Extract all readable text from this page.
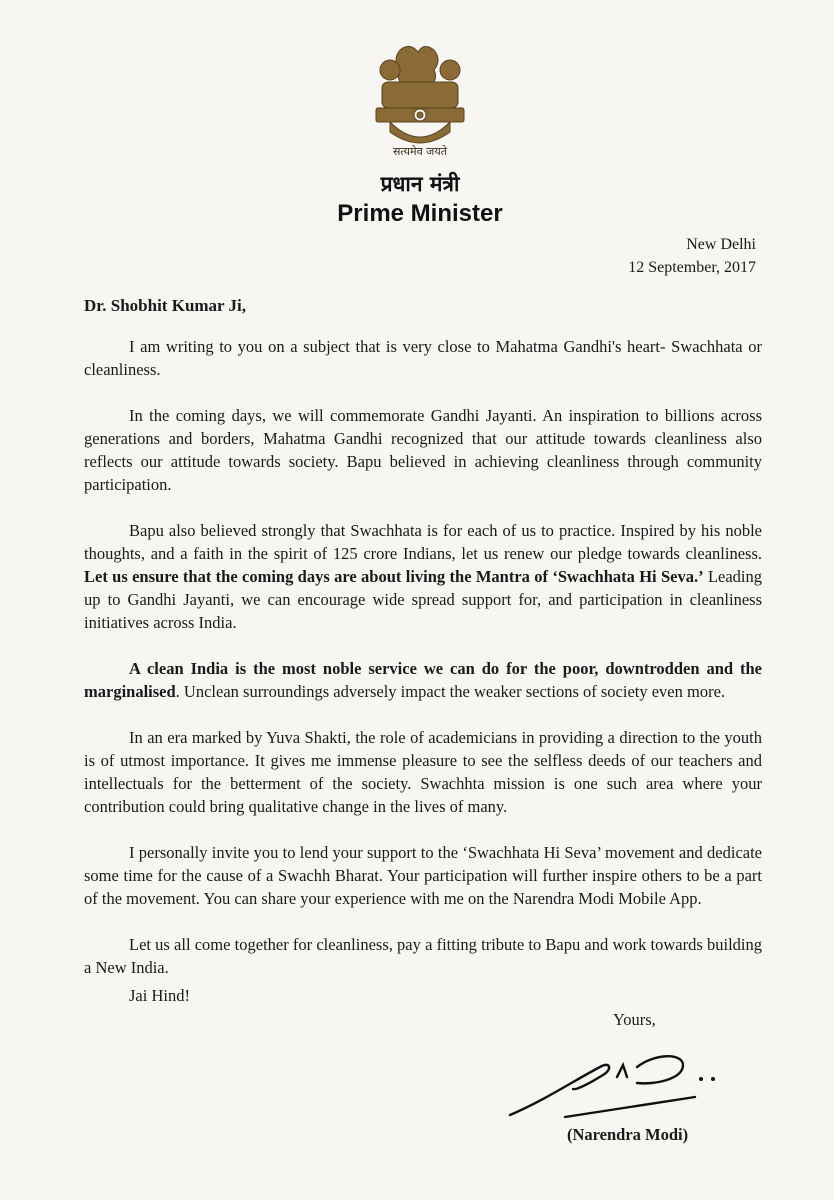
सत्यमेव जयते
प्रधान मंत्री
Prime Minister
New Delhi
12 September, 2017
Dr. Shobhit Kumar Ji,

I am writing to you on a subject that is very close to Mahatma Gandhi's heart- Swachhata or cleanliness.

In the coming days, we will commemorate Gandhi Jayanti. An inspiration to billions across generations and borders, Mahatma Gandhi recognized that our attitude towards cleanliness also reflects our attitude towards society. Bapu believed in achieving cleanliness through community participation.

Bapu also believed strongly that Swachhata is for each of us to practice. Inspired by his noble thoughts, and a faith in the spirit of 125 crore Indians, let us renew our pledge towards cleanliness. Let us ensure that the coming days are about living the Mantra of ‘Swachhata Hi Seva.’ Leading up to Gandhi Jayanti, we can encourage wide spread support for, and participation in cleanliness initiatives across India.

A clean India is the most noble service we can do for the poor, downtrodden and the marginalised. Unclean surroundings adversely impact the weaker sections of society even more.

In an era marked by Yuva Shakti, the role of academicians in providing a direction to the youth is of utmost importance. It gives me immense pleasure to see the selfless deeds of our teachers and intellectuals for the betterment of the society. Swachhta mission is one such area where your contribution could bring qualitative change in the lives of many.

I personally invite you to lend your support to the ‘Swachhata Hi Seva’ movement and dedicate some time for the cause of a Swachh Bharat. Your participation will further inspire others to be a part of the movement. You can share your experience with me on the Narendra Modi Mobile App.

Let us all come together for cleanliness, pay a fitting tribute to Bapu and work towards building a New India.

Jai Hind!
Yours,
(Narendra Modi)
